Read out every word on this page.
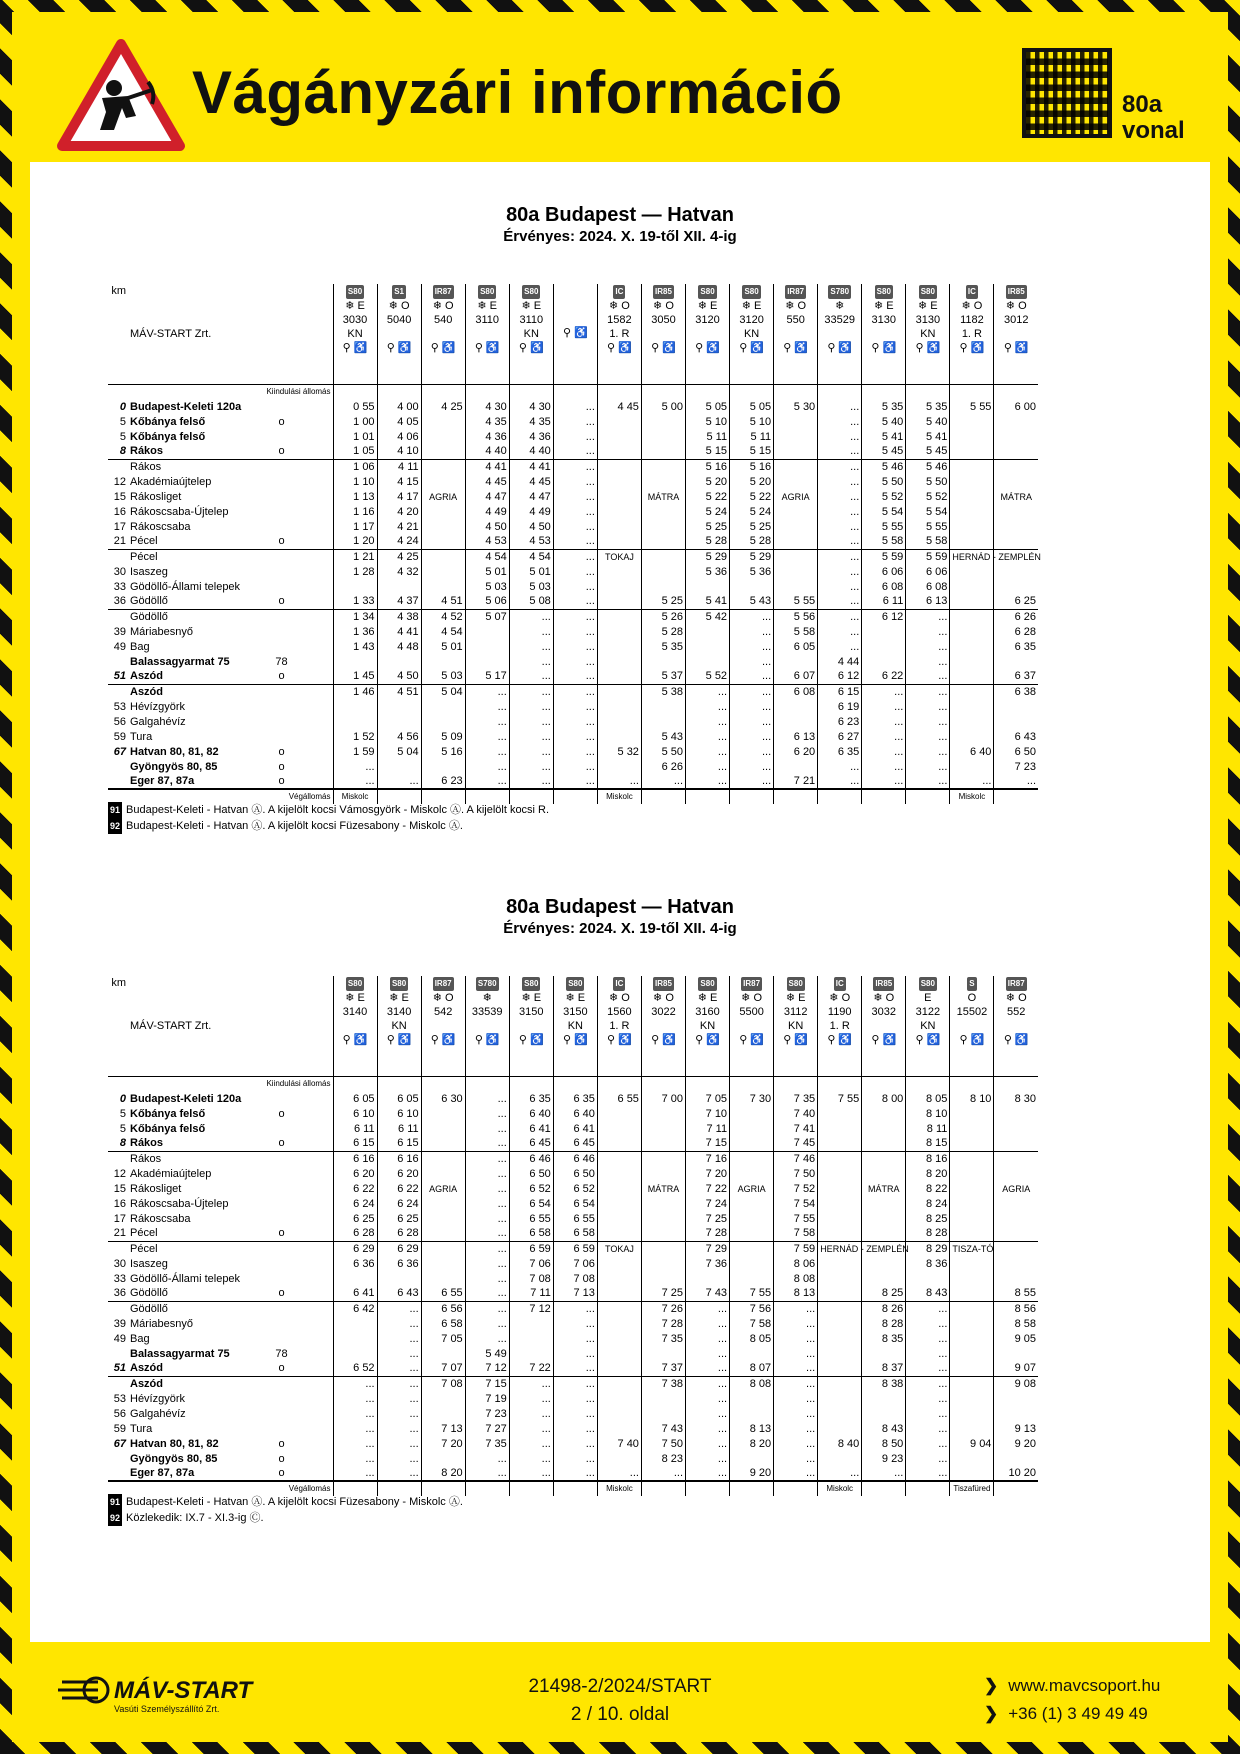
Vágányzári információ	80a
vonal
80a Budapest — Hatvan
Érvényes: 2024. X. 19-től XII. 4-ig
km	MÁV-START Zrt.		S80
❄ E
3030
KN
⚲ ♿	S1
❄ O
5040

⚲ ♿	IR87
❄ O
540

⚲ ♿	S80
❄ E
3110

⚲ ♿	S80
❄ E
3110
KN
⚲ ♿	⚲ ♿	IC
❄ O
1582
1. R
⚲ ♿	IR85
❄ O
3050

⚲ ♿	S80
❄ E
3120

⚲ ♿	S80
❄ E
3120
KN
⚲ ♿	IR87
❄ O
550

⚲ ♿	S780
❄
33529

⚲ ♿	S80
❄ E
3130

⚲ ♿	S80
❄ E
3130
KN
⚲ ♿	IC
❄ O
1182
1. R
⚲ ♿	IR85
❄ O
3012

⚲ ♿
	Kiindulási állomás																	
0	Budapest-Keleti 120a		0 55	4 00	4 25	4 30	4 30	...	4 45	5 00	5 05	5 05	5 30	...	5 35	5 35	5 55	6 00
5	Kőbánya felső	o	1 00	4 05		4 35	4 35	...			5 10	5 10		...	5 40	5 40		
5	Kőbánya felső		1 01	4 06		4 36	4 36	...			5 11	5 11		...	5 41	5 41		
8	Rákos	o	1 05	4 10		4 40	4 40	...			5 15	5 15		...	5 45	5 45		
	Rákos		1 06	4 11		4 41	4 41	...			5 16	5 16		...	5 46	5 46		
12	Akadémiaújtelep		1 10	4 15		4 45	4 45	...			5 20	5 20		...	5 50	5 50		
15	Rákosliget		1 13	4 17	AGRIA	4 47	4 47	...		MÁTRA	5 22	5 22	AGRIA	...	5 52	5 52		MÁTRA
16	Rákoscsaba-Újtelep		1 16	4 20		4 49	4 49	...			5 24	5 24		...	5 54	5 54		
17	Rákoscsaba		1 17	4 21		4 50	4 50	...			5 25	5 25		...	5 55	5 55		
21	Pécel	o	1 20	4 24		4 53	4 53	...			5 28	5 28		...	5 58	5 58		
	Pécel		1 21	4 25		4 54	4 54	...	TOKAJ		5 29	5 29		...	5 59	5 59	HERNÁD - ZEMPLÉN	
30	Isaszeg		1 28	4 32		5 01	5 01	...			5 36	5 36		...	6 06	6 06		
33	Gödöllő-Állami telepek					5 03	5 03	...						...	6 08	6 08		
36	Gödöllő	o	1 33	4 37	4 51	5 06	5 08	...		5 25	5 41	5 43	5 55	...	6 11	6 13		6 25
	Gödöllő		1 34	4 38	4 52	5 07	...	...		5 26	5 42	...	5 56	...	6 12	...		6 26
39	Máriabesnyő		1 36	4 41	4 54		...	...		5 28		...	5 58	...		...		6 28
49	Bag		1 43	4 48	5 01		...	...		5 35		...	6 05	...		...		6 35
	Balassagyarmat 75	78					...	...				...		4 44		...		
51	Aszód	o	1 45	4 50	5 03	5 17	...	...		5 37	5 52	...	6 07	6 12	6 22	...		6 37
	Aszód		1 46	4 51	5 04	...	...	...		5 38	...	...	6 08	6 15	...	...		6 38
53	Hévízgyörk					...	...	...			...	...		6 19	...	...		
56	Galgahévíz					...	...	...			...	...		6 23	...	...		
59	Tura		1 52	4 56	5 09	...	...	...		5 43	...	...	6 13	6 27	...	...		6 43
67	Hatvan 80, 81, 82	o	1 59	5 04	5 16	...	...	...	5 32	5 50	...	...	6 20	6 35	...	...	6 40	6 50
	Gyöngyös 80, 85	o	...			...	...	...		6 26	...	...		...	...	...		7 23
	Eger 87, 87a	o	...	...	6 23	...	...	...	...	...	...	...	7 21	...	...	...	...	...
	Végállomás		Miskolc						Miskolc								Miskolc	
91 Budapest-Keleti - Hatvan Ⓐ. A kijelölt kocsi Vámosgyörk - Miskolc Ⓐ. A kijelölt kocsi R.
92 Budapest-Keleti - Hatvan Ⓐ. A kijelölt kocsi Füzesabony - Miskolc Ⓐ.
80a Budapest — Hatvan
Érvényes: 2024. X. 19-től XII. 4-ig
km	MÁV-START Zrt.		S80
❄ E
3140

⚲ ♿	S80
❄ E
3140
KN
⚲ ♿	IR87
❄ O
542

⚲ ♿	S780
❄
33539

⚲ ♿	S80
❄ E
3150

⚲ ♿	S80
❄ E
3150
KN
⚲ ♿	IC
❄ O
1560
1. R
⚲ ♿	IR85
❄ O
3022

⚲ ♿	S80
❄ E
3160
KN
⚲ ♿	IR87
❄ O
5500

⚲ ♿	S80
❄ E
3112
KN
⚲ ♿	IC
❄ O
1190
1. R
⚲ ♿	IR85
❄ O
3032

⚲ ♿	S80
E
3122
KN
⚲ ♿	S
O
15502

⚲ ♿	IR87
❄ O
552

⚲ ♿
	Kiindulási állomás																	
0	Budapest-Keleti 120a		6 05	6 05	6 30	...	6 35	6 35	6 55	7 00	7 05	7 30	7 35	7 55	8 00	8 05	8 10	8 30
5	Kőbánya felső	o	6 10	6 10		...	6 40	6 40			7 10		7 40			8 10		
5	Kőbánya felső		6 11	6 11		...	6 41	6 41			7 11		7 41			8 11		
8	Rákos	o	6 15	6 15		...	6 45	6 45			7 15		7 45			8 15		
	Rákos		6 16	6 16		...	6 46	6 46			7 16		7 46			8 16		
12	Akadémiaújtelep		6 20	6 20		...	6 50	6 50			7 20		7 50			8 20		
15	Rákosliget		6 22	6 22	AGRIA	...	6 52	6 52		MÁTRA	7 22	AGRIA	7 52		MÁTRA	8 22		AGRIA
16	Rákoscsaba-Újtelep		6 24	6 24		...	6 54	6 54			7 24		7 54			8 24		
17	Rákoscsaba		6 25	6 25		...	6 55	6 55			7 25		7 55			8 25		
21	Pécel	o	6 28	6 28		...	6 58	6 58			7 28		7 58			8 28		
	Pécel		6 29	6 29		...	6 59	6 59	TOKAJ		7 29		7 59	HERNÁD - ZEMPLÉN		8 29	TISZA-TÓ	
30	Isaszeg		6 36	6 36		...	7 06	7 06			7 36		8 06			8 36		
33	Gödöllő-Állami telepek					...	7 08	7 08					8 08					
36	Gödöllő	o	6 41	6 43	6 55	...	7 11	7 13		7 25	7 43	7 55	8 13		8 25	8 43		8 55
	Gödöllő		6 42	...	6 56	...	7 12	...		7 26	...	7 56	...		8 26	...		8 56
39	Máriabesnyő			...	6 58	...		...		7 28	...	7 58	...		8 28	...		8 58
49	Bag			...	7 05	...		...		7 35	...	8 05	...		8 35	...		9 05
	Balassagyarmat 75	78		...		5 49		...			...		...			...		
51	Aszód	o	6 52	...	7 07	7 12	7 22	...		7 37	...	8 07	...		8 37	...		9 07
	Aszód		...	...	7 08	7 15	...	...		7 38	...	8 08	...		8 38	...		9 08
53	Hévízgyörk		...	...		7 19	...	...			...		...			...		
56	Galgahévíz		...	...		7 23	...	...			...		...			...		
59	Tura		...	...	7 13	7 27	...	...		7 43	...	8 13	...		8 43	...		9 13
67	Hatvan 80, 81, 82	o	...	...	7 20	7 35	...	...	7 40	7 50	...	8 20	...	8 40	8 50	...	9 04	9 20
	Gyöngyös 80, 85	o	...	...		...	...	...		8 23	...		...		9 23	...		
	Eger 87, 87a	o	...	...	8 20	...	...	...	...	...	...	9 20	...	...	...	...		10 20
	Végállomás								Miskolc					Miskolc			Tiszafüred	
91 Budapest-Keleti - Hatvan Ⓐ. A kijelölt kocsi Füzesabony - Miskolc Ⓐ.
92 Közlekedik: IX.7 - XI.3-ig Ⓒ.
MÁV-START
Vasúti Személyszállító Zrt.
21498-2/2024/START
2 / 10. oldal
❯ www.mavcsoport.hu
❯ +36 (1) 3 49 49 49
